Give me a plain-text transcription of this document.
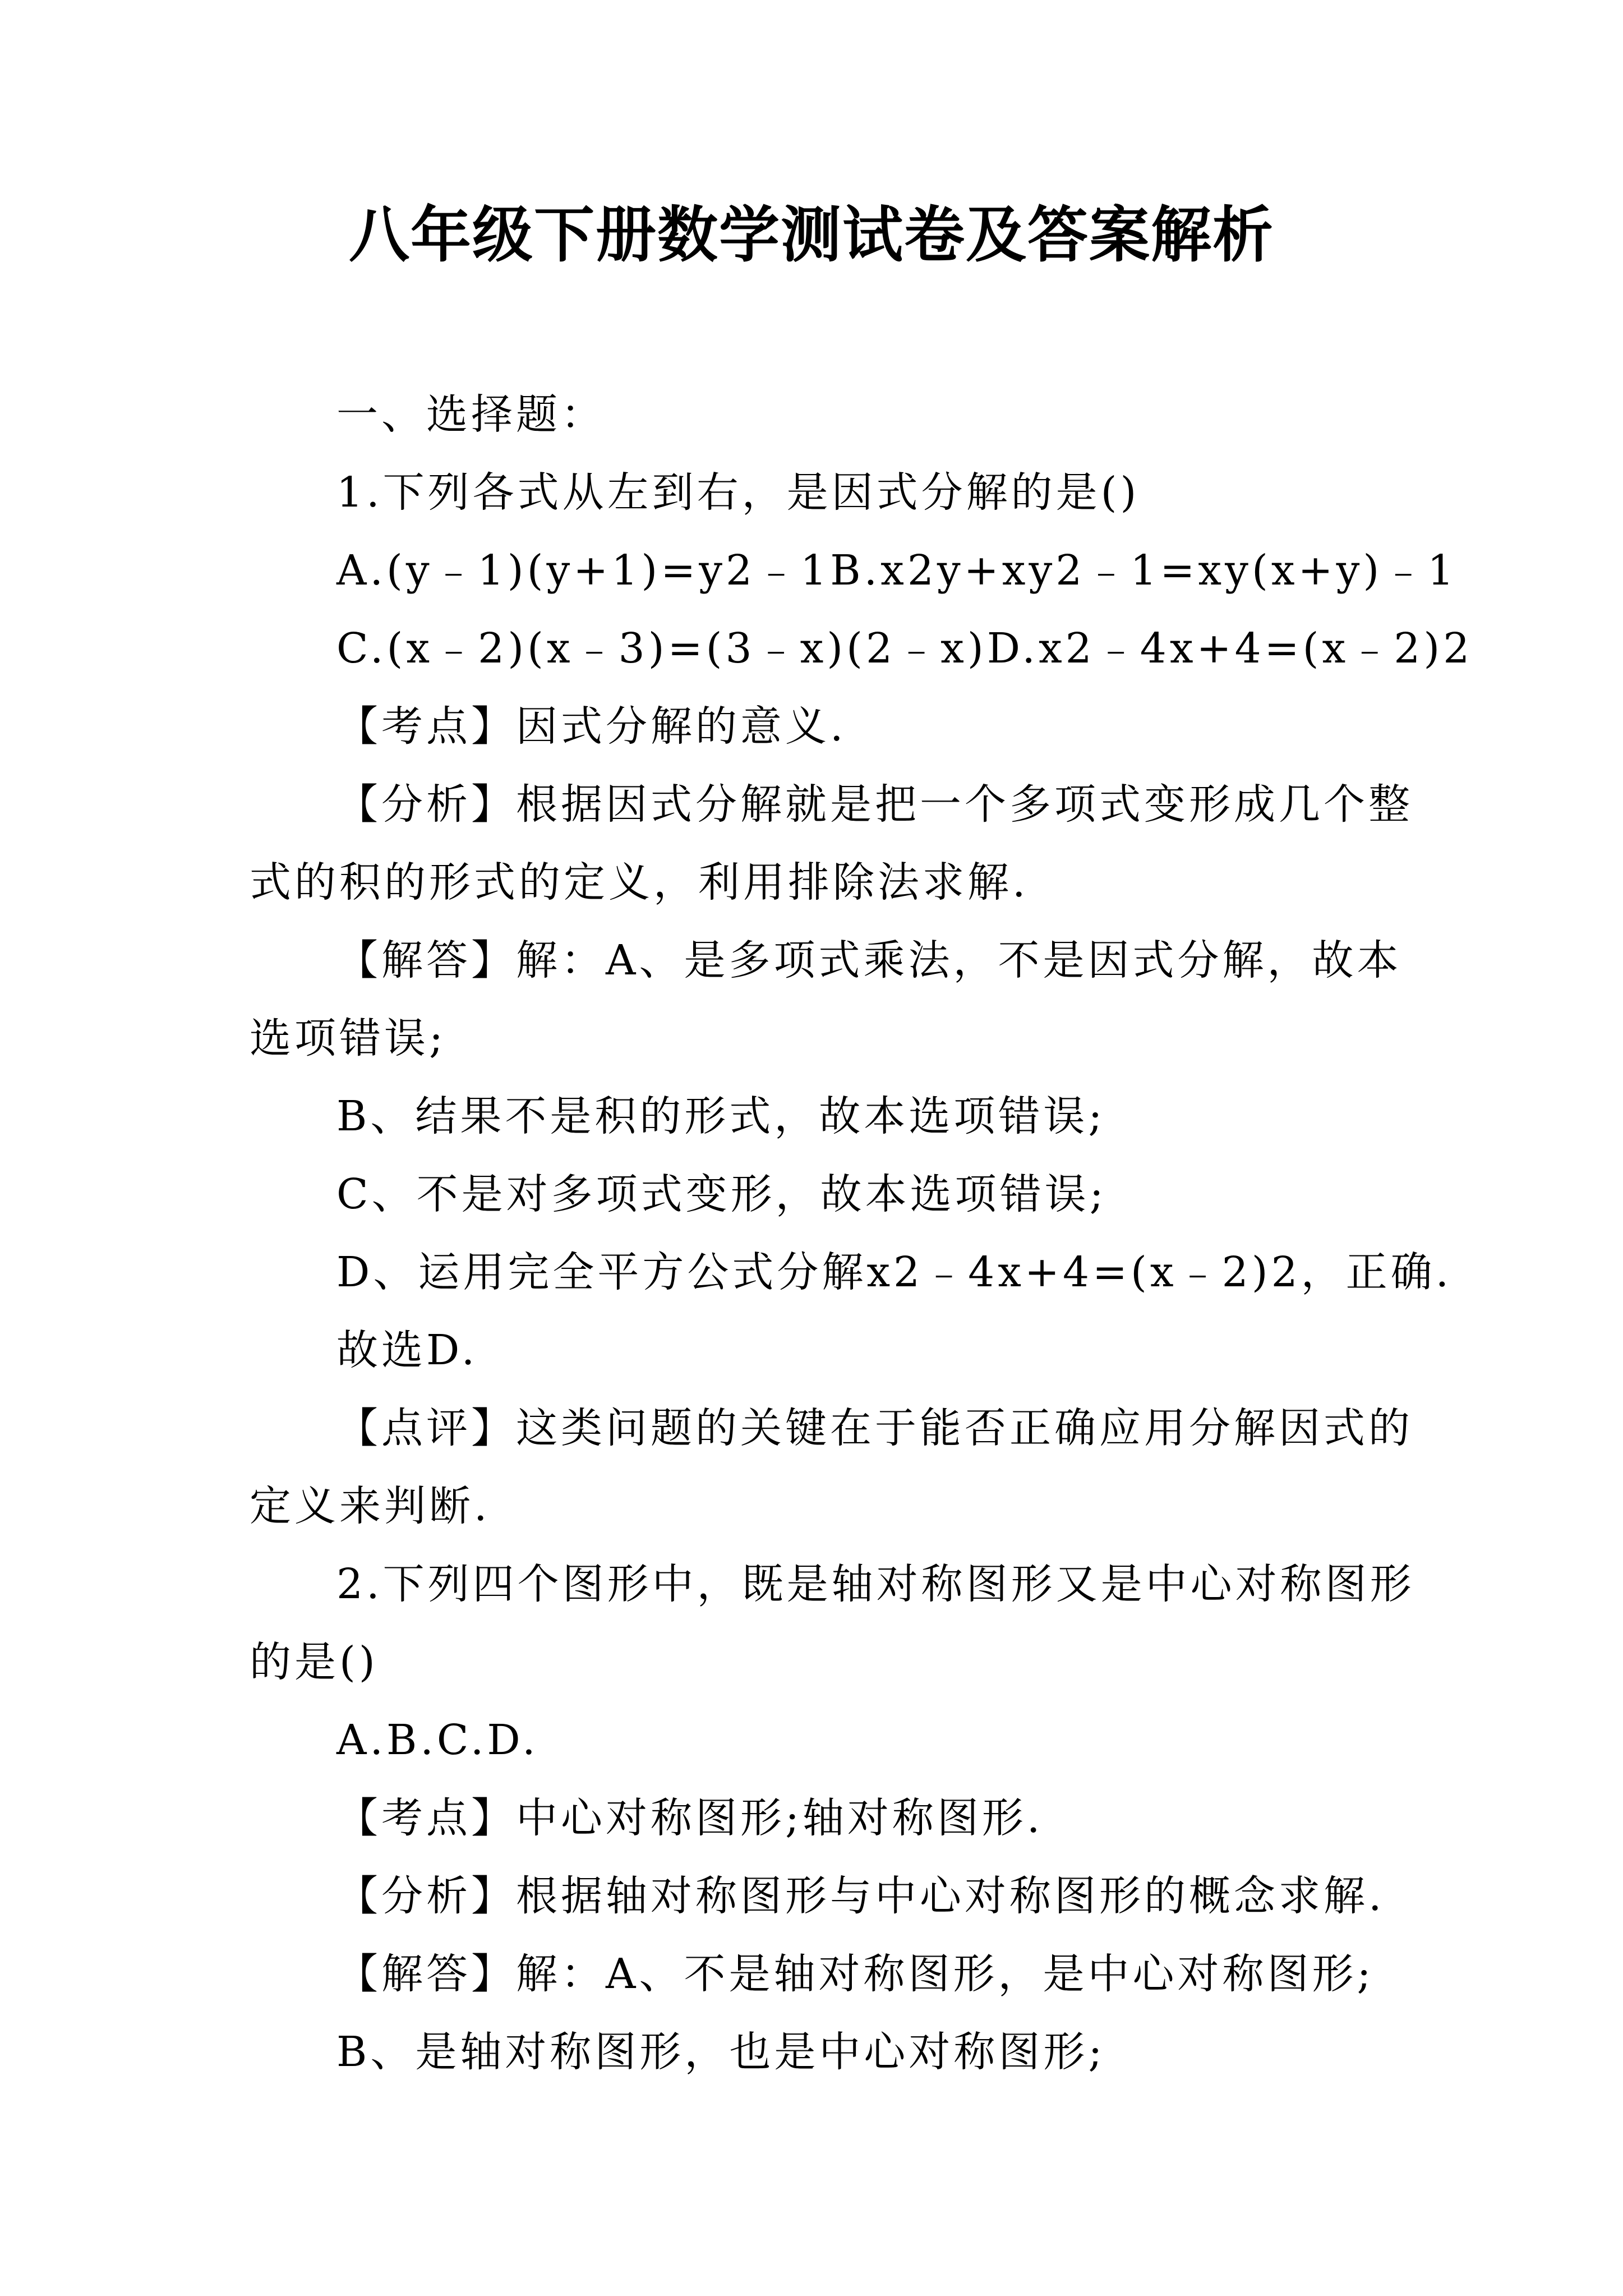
八年级下册数学测试卷及答案解析
一、选择题：
1.下列各式从左到右，是因式分解的是()
A.(y﹣1)(y+1)=y2﹣1B.x2y+xy2﹣1=xy(x+y)﹣1
C.(x﹣2)(x﹣3)=(3﹣x)(2﹣x)D.x2﹣4x+4=(x﹣2)2
【考点】因式分解的意义.
【分析】根据因式分解就是把一个多项式变形成几个整
式的积的形式的定义，利用排除法求解.
【解答】解：A、是多项式乘法，不是因式分解，故本
选项错误;
B、结果不是积的形式，故本选项错误;
C、不是对多项式变形，故本选项错误;
D、运用完全平方公式分解x2﹣4x+4=(x﹣2)2，正确.
故选D.
【点评】这类问题的关键在于能否正确应用分解因式的
定义来判断.
2.下列四个图形中，既是轴对称图形又是中心对称图形
的是()
A.B.C.D.
【考点】中心对称图形;轴对称图形.
【分析】根据轴对称图形与中心对称图形的概念求解.
【解答】解：A、不是轴对称图形，是中心对称图形;
B、是轴对称图形，也是中心对称图形;
